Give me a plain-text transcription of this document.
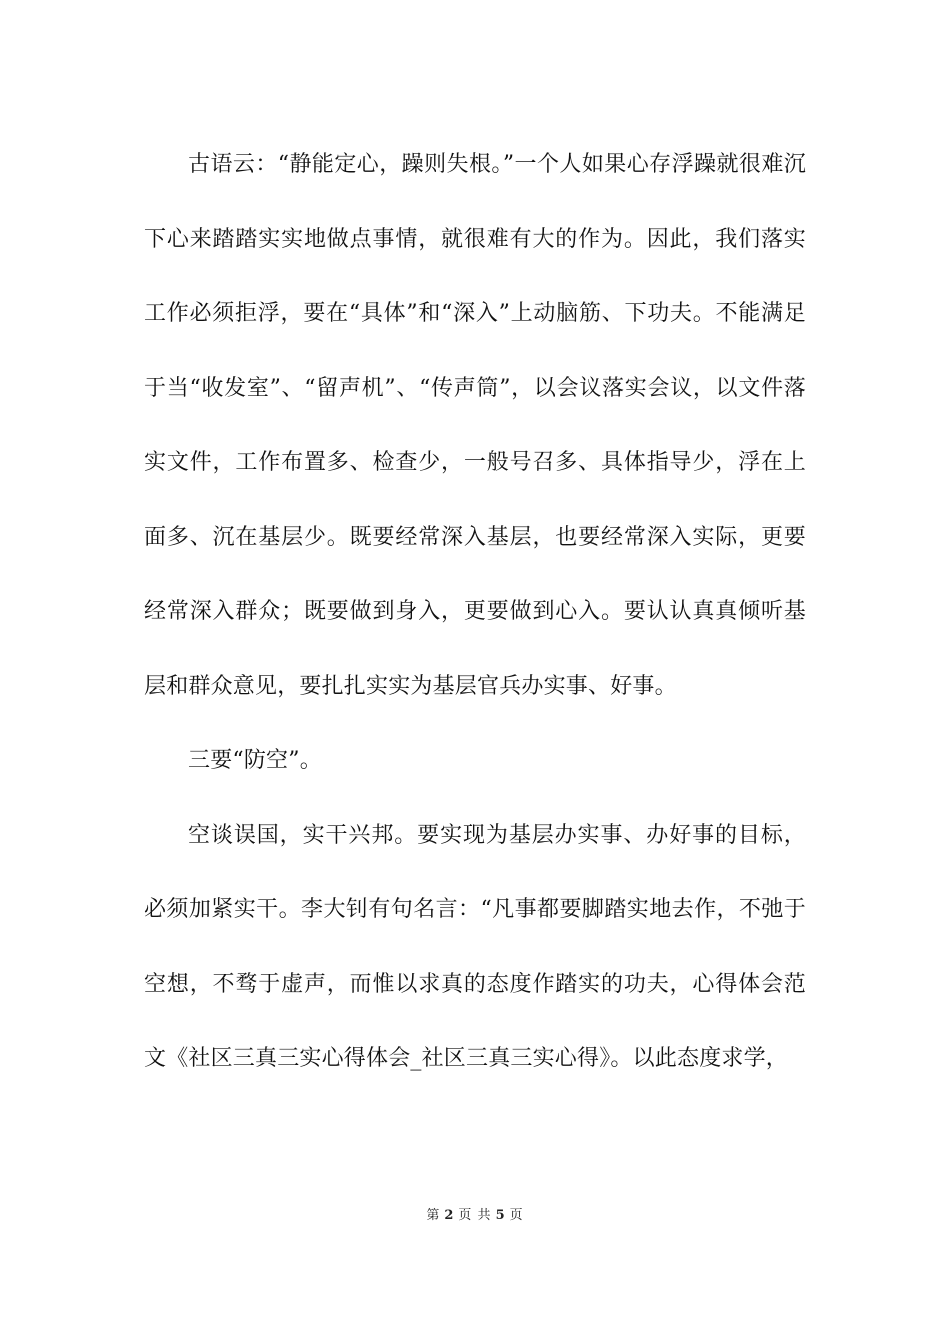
古语云：“静能定心，躁则失根。”一个人如果心存浮躁就很难沉下心来踏踏实实地做点事情，就很难有大的作为。因此，我们落实工作必须拒浮，要在“具体”和“深入”上动脑筋、下功夫。不能满足于当“收发室”、“留声机”、“传声筒”，以会议落实会议，以文件落实文件，工作布置多、检查少，一般号召多、具体指导少，浮在上面多、沉在基层少。既要经常深入基层，也要经常深入实际，更要经常深入群众；既要做到身入，更要做到心入。要认认真真倾听基层和群众意见，要扎扎实实为基层官兵办实事、好事。

三要“防空”。

空谈误国，实干兴邦。要实现为基层办实事、办好事的目标，必须加紧实干。李大钊有句名言：“凡事都要脚踏实地去作，不弛于空想，不骛于虚声，而惟以求真的态度作踏实的功夫，心得体会范文《社区三真三实心得体会_社区三真三实心得》。以此态度求学，

第 2 页 共 5 页
